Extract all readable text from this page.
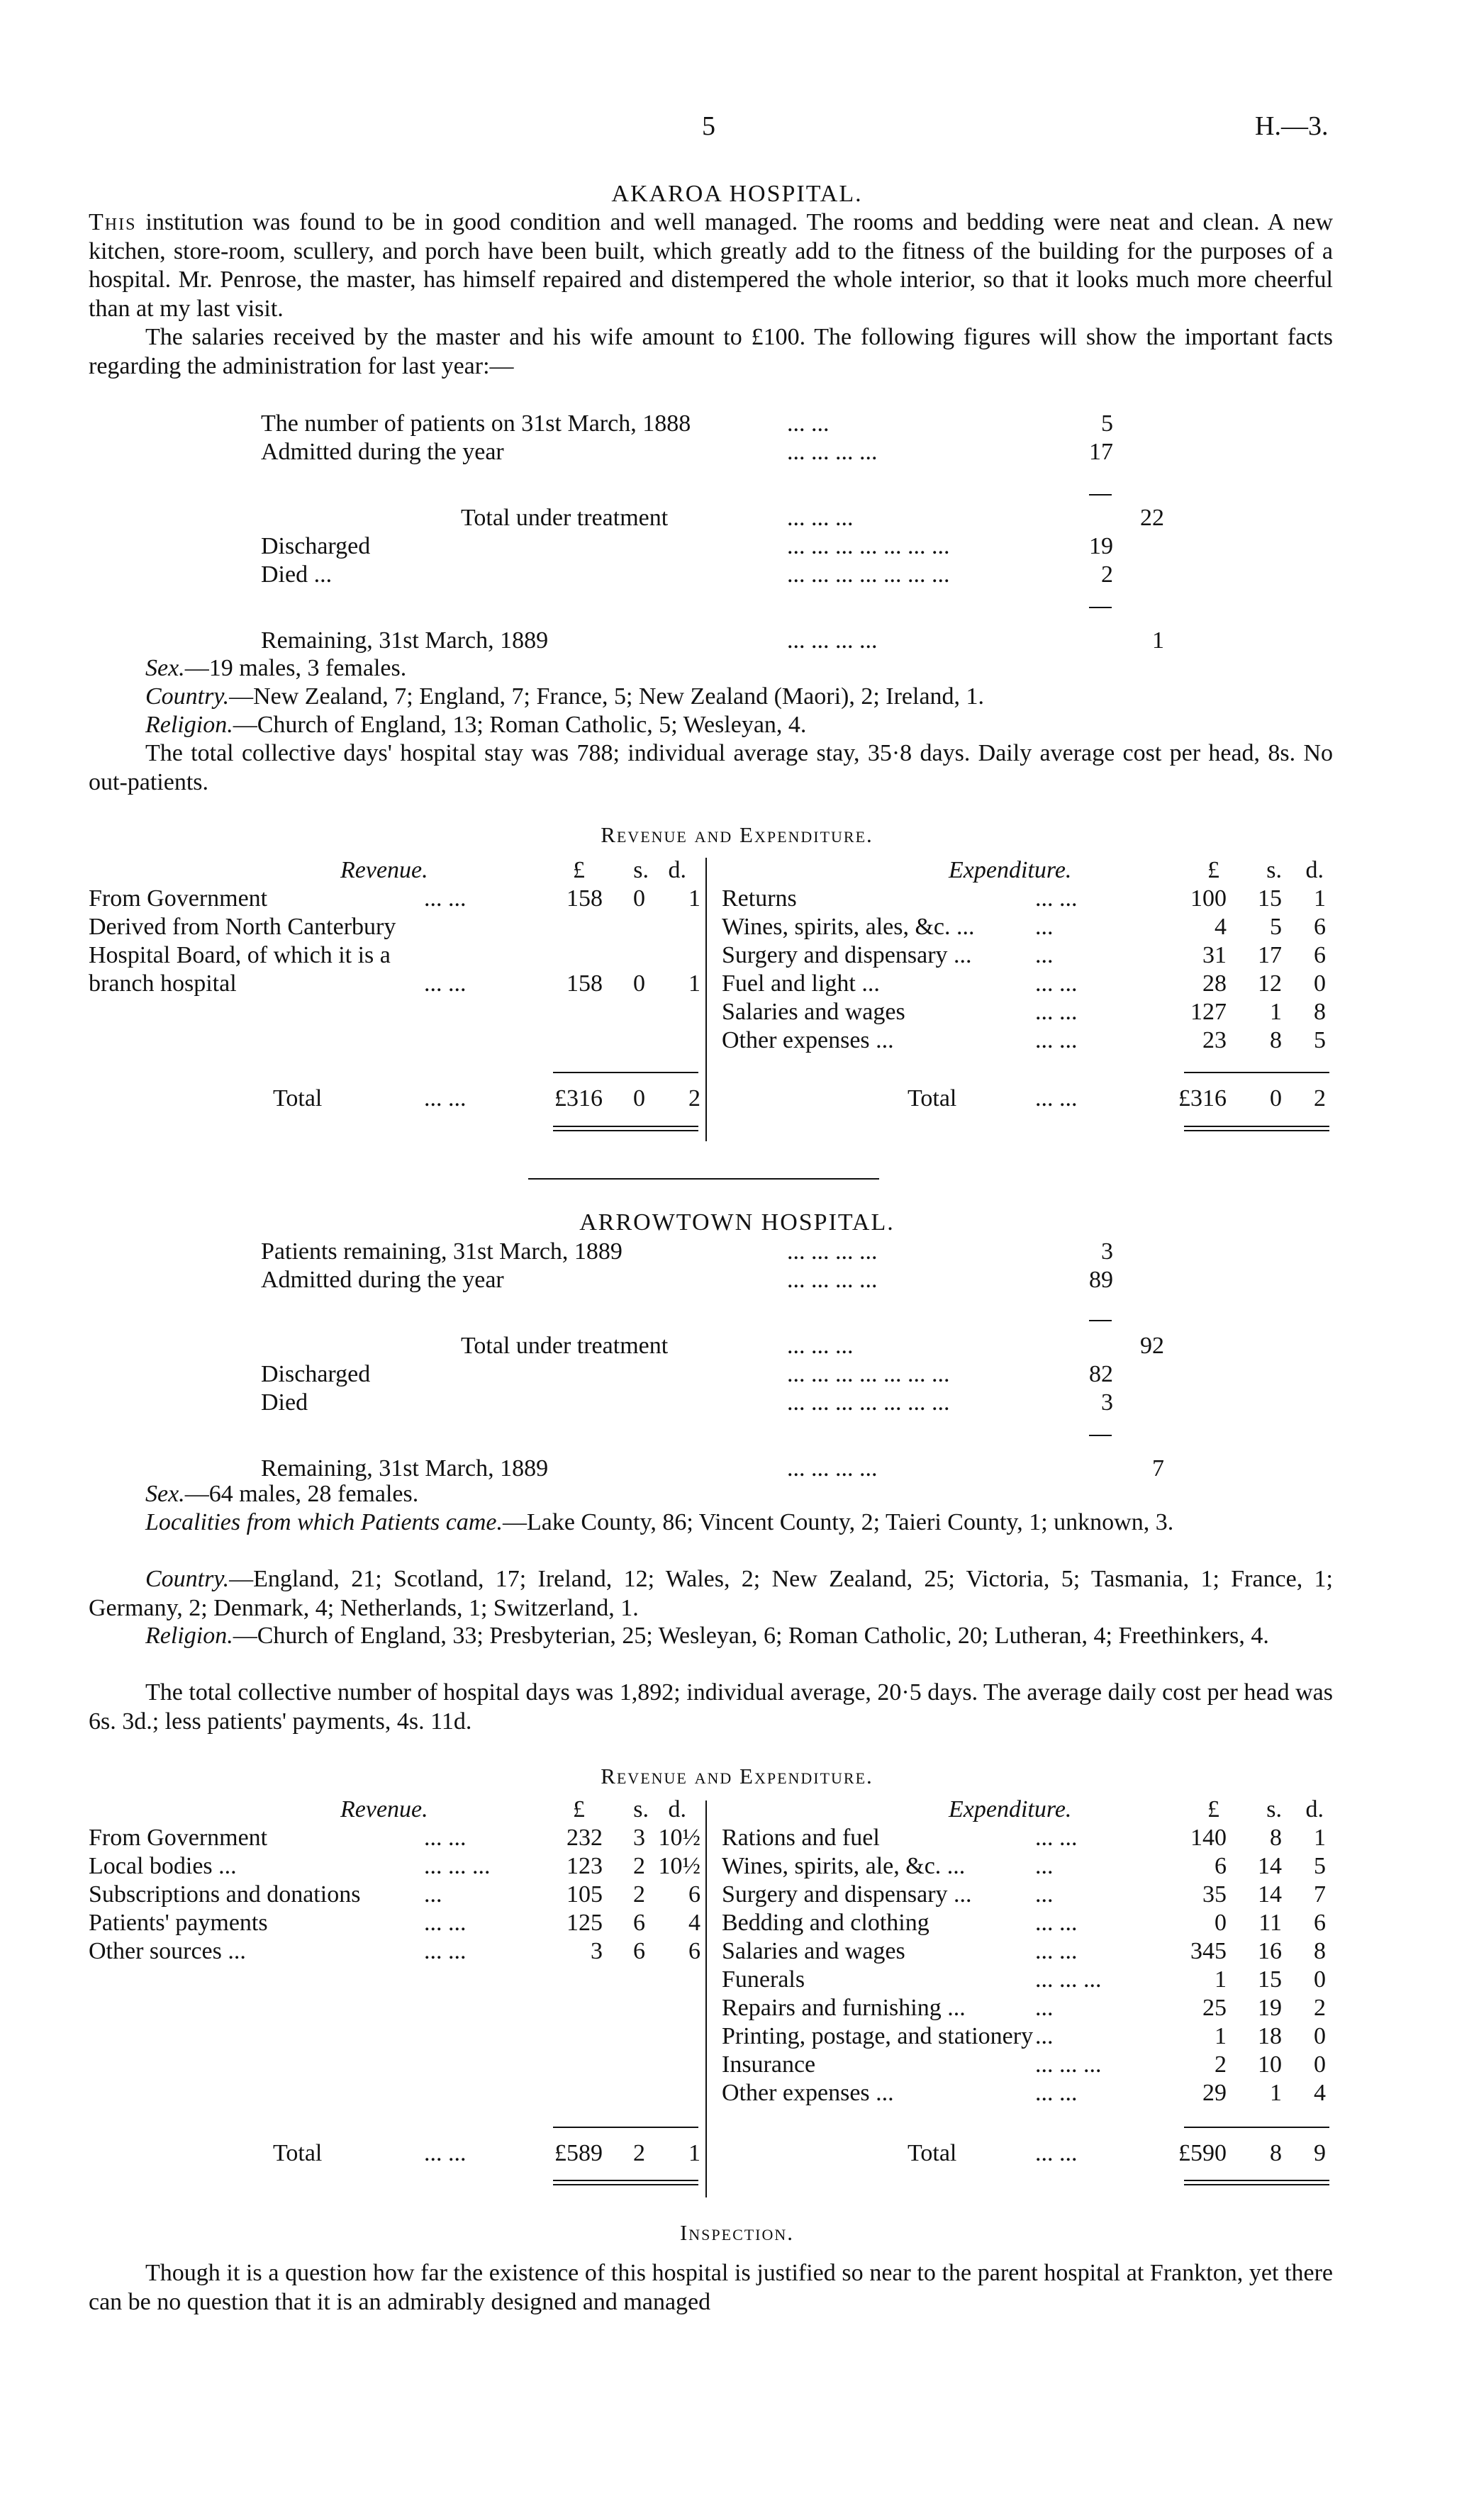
5	H.—3.
AKAROA HOSPITAL.
This institution was found to be in good condition and well managed. The rooms and bedding were neat and clean. A new kitchen, store-room, scullery, and porch have been built, which greatly add to the fitness of the building for the purposes of a hospital. Mr. Penrose, the master, has himself repaired and distempered the whole interior, so that it looks much more cheerful than at my last visit.
The salaries received by the master and his wife amount to £100. The following figures will show the important facts regarding the administration for last year:—
The number of patients on 31st March, 1888	... ...	5
Admitted during the year	... ... ... ...	17
Total under treatment	... ... ...	22
Discharged	... ... ... ... ... ... ...	19
Died ...	... ... ... ... ... ... ...	2
Remaining, 31st March, 1889	... ... ... ...	1
Sex.—19 males, 3 females.
Country.—New Zealand, 7; England, 7; France, 5; New Zealand (Maori), 2; Ireland, 1.
Religion.—Church of England, 13; Roman Catholic, 5; Wesleyan, 4.
The total collective days' hospital stay was 788; individual average stay, 35·8 days. Daily average cost per head, 8s. No out-patients.
Revenue and Expenditure.
Revenue.	Expenditure.
£	s. d.	£	s. d.
From Government	... ...	158	0	1
Derived from North Canterbury
Hospital Board, of which it is a
branch hospital	... ...	158	0	1
Returns	... ...	100	15	1
Wines, spirits, ales, &c. ...	...	4	5	6
Surgery and dispensary ...	...	31	17	6
Fuel and light ...	... ...	28	12	0
Salaries and wages	... ...	127	1	8
Other expenses ...	... ...	23	8	5
Total	... ...	£316	0	2	Total	... ...	£316	0	2
ARROWTOWN HOSPITAL.
Patients remaining, 31st March, 1889	... ... ... ...	3
Admitted during the year	... ... ... ...	89
Total under treatment	... ... ...	92
Discharged	... ... ... ... ... ... ...	82
Died	... ... ... ... ... ... ...	3
Remaining, 31st March, 1889	... ... ... ...	7
Sex.—64 males, 28 females.
Localities from which Patients came.—Lake County, 86; Vincent County, 2; Taieri County, 1; unknown, 3.
Country.—England, 21; Scotland, 17; Ireland, 12; Wales, 2; New Zealand, 25; Victoria, 5; Tasmania, 1; France, 1; Germany, 2; Denmark, 4; Netherlands, 1; Switzerland, 1.
Religion.—Church of England, 33; Presbyterian, 25; Wesleyan, 6; Roman Catholic, 20; Lutheran, 4; Freethinkers, 4.
The total collective number of hospital days was 1,892; individual average, 20·5 days. The average daily cost per head was 6s. 3d.; less patients' payments, 4s. 11d.
Revenue and Expenditure.
Revenue.	Expenditure.
£	s. d.	£	s. d.
From Government	... ...	232	3 10½
Local bodies ...	... ... ...	123	2 10½
Subscriptions and donations	...	105	2	6
Patients' payments	... ...	125	6	4
Other sources ...	... ...	3	6	6
Rations and fuel	... ...	140	8	1
Wines, spirits, ale, &c. ...	...	6	14	5
Surgery and dispensary ...	...	35	14	7
Bedding and clothing	... ...	0	11	6
Salaries and wages	... ...	345	16	8
Funerals	... ... ...	1	15	0
Repairs and furnishing ...	...	25	19	2
Printing, postage, and stationery ...	1	18	0
Insurance	... ... ...	2	10	0
Other expenses ...	... ...	29	1	4
Total	... ...	£589	2	1	Total	... ...	£590	8	9
Inspection.
Though it is a question how far the existence of this hospital is justified so near to the parent hospital at Frankton, yet there can be no question that it is an admirably designed and managed
